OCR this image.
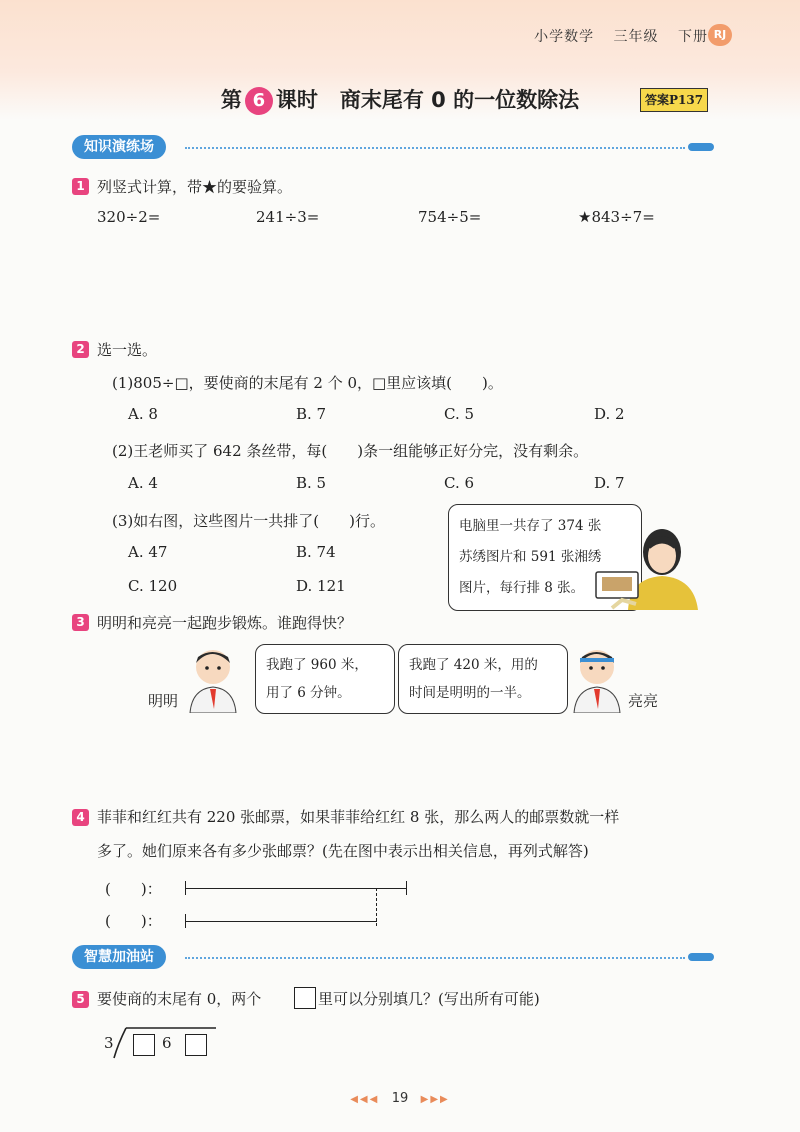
小学数学 三年级 下册 RJ
第 6 课时 商末尾有 0 的一位数除法	答案P137
知识演练场
1 列竖式计算，带★的要验算。
320÷2=	241÷3=	754÷5=	★843÷7=
2 选一选。
(1)805÷□，要使商的末尾有 2 个 0，□里应该填(　　)。
A. 8	B. 7	C. 5	D. 2
(2)王老师买了 642 条丝带，每(　　)条一组能够正好分完，没有剩余。
A. 4	B. 5	C. 6	D. 7
(3)如右图，这些图片一共排了(　　)行。
A. 47	B. 74
C. 120	D. 121
电脑里一共存了 374 张
苏绣图片和 591 张湘绣
图片，每行排 8 张。
3 明明和亮亮一起跑步锻炼。谁跑得快？
明明
我跑了 960 米，
用了 6 分钟。
我跑了 420 米，用的
时间是明明的一半。	亮亮
4 菲菲和红红共有 220 张邮票，如果菲菲给红红 8 张，那么两人的邮票数就一样
多了。她们原来各有多少张邮票？(先在图中表示出相关信息，再列式解答)
(　　)：
(　　)：
智慧加油站
5 要使商的末尾有 0，两个	里可以分别填几？(写出所有可能)
3	6
◀◀◀ 19 ▶▶▶
